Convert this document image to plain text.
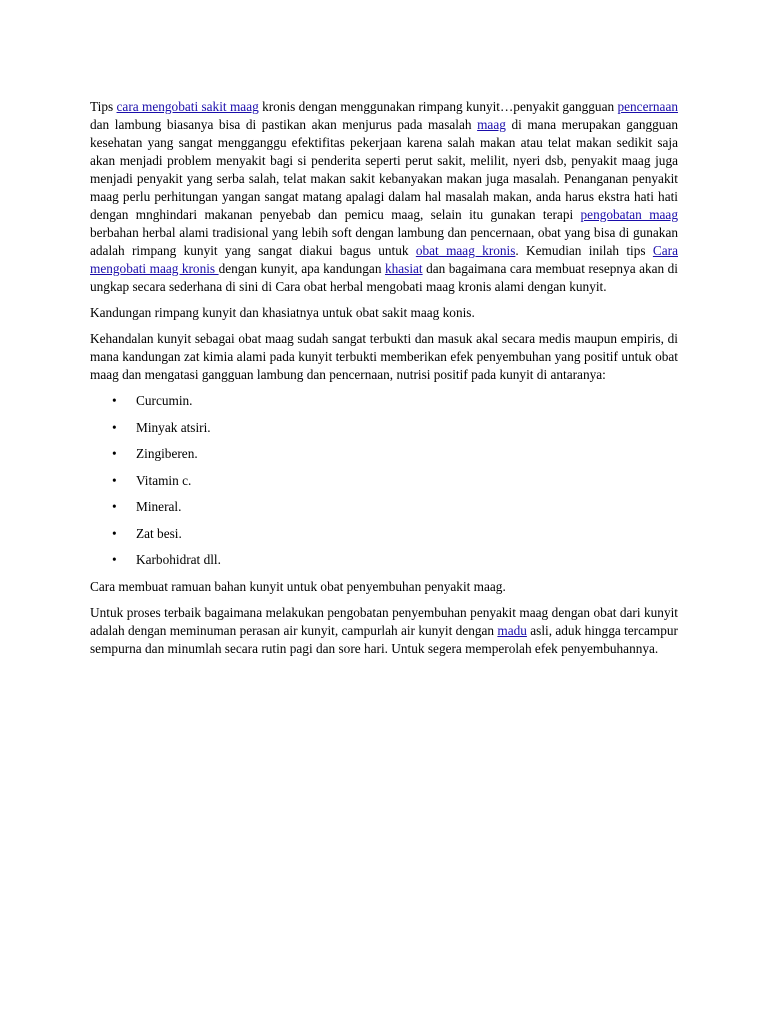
Tips cara mengobati sakit maag kronis dengan menggunakan rimpang kunyit…penyakit gangguan pencernaan dan lambung biasanya bisa di pastikan akan menjurus pada masalah maag di mana merupakan gangguan kesehatan yang sangat mengganggu efektifitas pekerjaan karena salah makan atau telat makan sedikit saja akan menjadi problem menyakit bagi si penderita seperti perut sakit, melilit, nyeri dsb, penyakit maag juga menjadi penyakit yang serba salah, telat makan sakit kebanyakan makan juga masalah. Penanganan penyakit maag perlu perhitungan yangan sangat matang apalagi dalam hal masalah makan, anda harus ekstra hati hati dengan mnghindari makanan penyebab dan pemicu maag, selain itu gunakan terapi pengobatan maag berbahan herbal alami tradisional yang lebih soft dengan lambung dan pencernaan, obat yang bisa di gunakan adalah rimpang kunyit yang sangat diakui bagus untuk obat maag kronis. Kemudian inilah tips Cara mengobati maag kronis dengan kunyit, apa kandungan khasiat dan bagaimana cara membuat resepnya akan di ungkap secara sederhana di sini di Cara obat herbal mengobati maag kronis alami dengan kunyit.

Kandungan rimpang kunyit dan khasiatnya untuk obat sakit maag konis.

Kehandalan kunyit sebagai obat maag sudah sangat terbukti dan masuk akal secara medis maupun empiris, di mana kandungan zat kimia alami pada kunyit terbukti memberikan efek penyembuhan yang positif untuk obat maag dan mengatasi gangguan lambung dan pencernaan, nutrisi positif pada kunyit di antaranya:

• Curcumin.
• Minyak atsiri.
• Zingiberen.
• Vitamin c.
• Mineral.
• Zat besi.
• Karbohidrat dll.

Cara membuat ramuan bahan kunyit untuk obat penyembuhan penyakit maag.

Untuk proses terbaik bagaimana melakukan pengobatan penyembuhan penyakit maag dengan obat dari kunyit adalah dengan meminuman perasan air kunyit, campurlah air kunyit dengan madu asli, aduk hingga tercampur sempurna dan minumlah secara rutin pagi dan sore hari. Untuk segera memperolah efek penyembuhannya.
